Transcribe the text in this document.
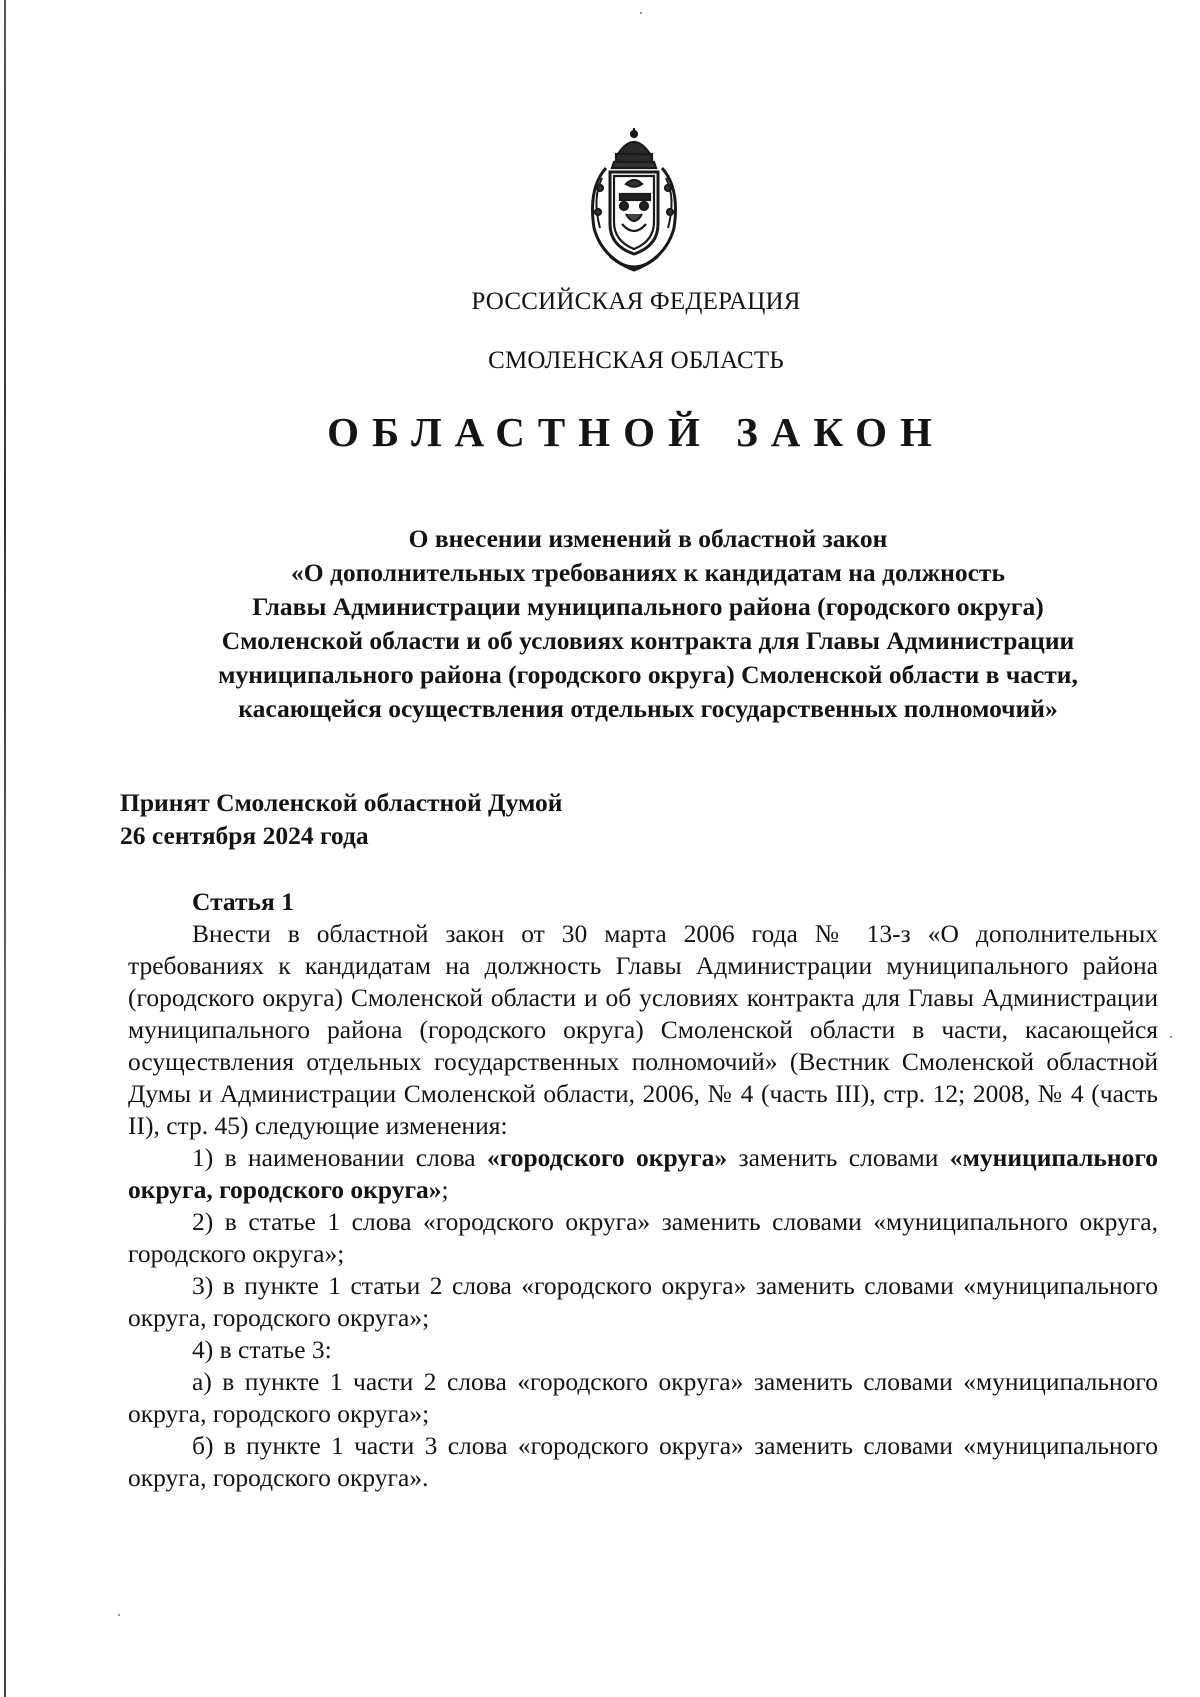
РОССИЙСКАЯ ФЕДЕРАЦИЯ
СМОЛЕНСКАЯ ОБЛАСТЬ
ОБЛАСТНОЙ ЗАКОН
О внесении изменений в областной закон
«О дополнительных требованиях к кандидатам на должность
Главы Администрации муниципального района (городского округа)
Смоленской области и об условиях контракта для Главы Администрации
муниципального района (городского округа) Смоленской области в части,
касающейся осуществления отдельных государственных полномочий»
Принят Смоленской областной Думой
26 сентября 2024 года
Статья 1

Внести в областной закон от 30 марта 2006 года № 13-з «О дополнительных требованиях к кандидатам на должность Главы Администрации муниципального района (городского округа) Смоленской области и об условиях контракта для Главы Администрации муниципального района (городского округа) Смоленской области в части, касающейся осуществления отдельных государственных полномочий» (Вестник Смоленской областной Думы и Администрации Смоленской области, 2006, № 4 (часть III), стр. 12; 2008, № 4 (часть II), стр. 45) следующие изменения:

1) в наименовании слова «городского округа» заменить словами «муниципального округа, городского округа»;

2) в статье 1 слова «городского округа» заменить словами «муниципального округа, городского округа»;

3) в пункте 1 статьи 2 слова «городского округа» заменить словами «муниципального округа, городского округа»;

4) в статье 3:

а) в пункте 1 части 2 слова «городского округа» заменить словами «муниципального округа, городского округа»;

б) в пункте 1 части 3 слова «городского округа» заменить словами «муниципального округа, городского округа».
